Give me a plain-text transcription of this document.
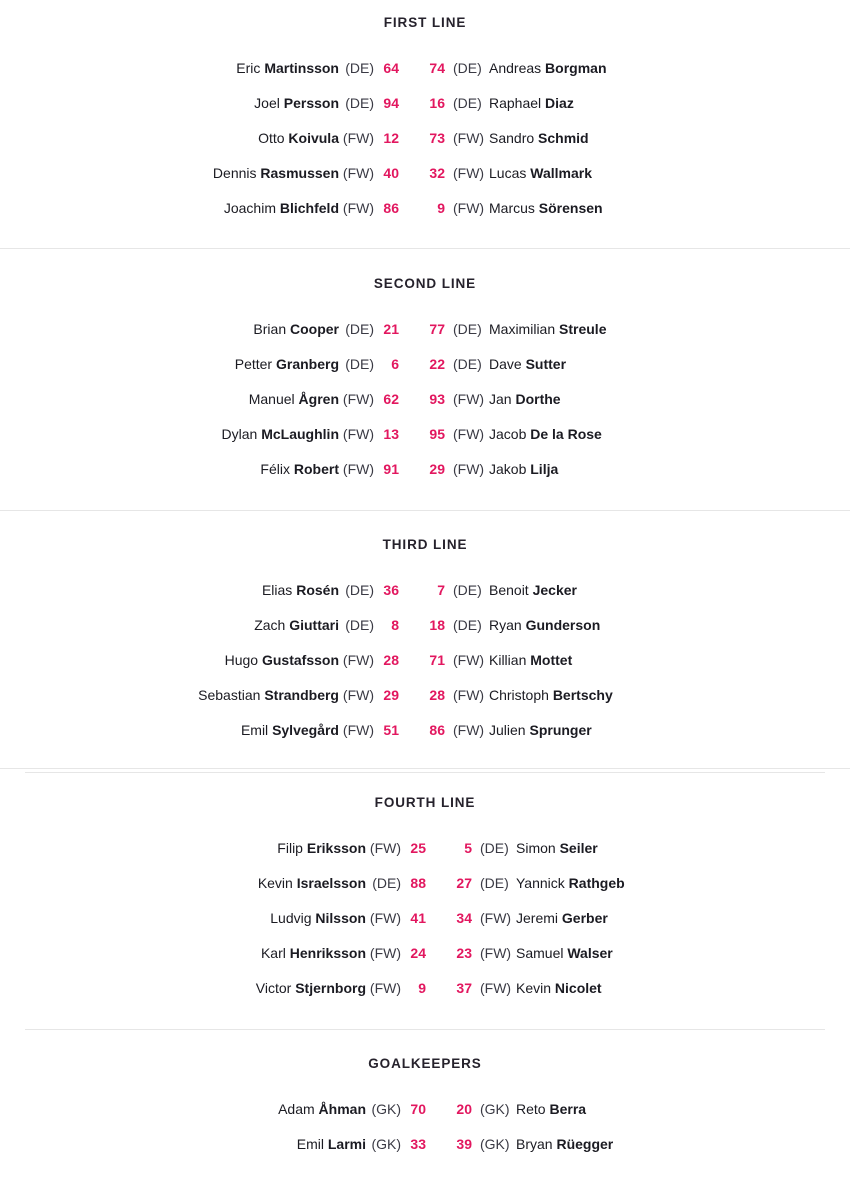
FIRST LINE
SECOND LINE
THIRD LINE
FOURTH LINE
GOALKEEPERS
Eric Martinsson (DE) 64 74 (DE) Andreas Borgman
Joel Persson (DE) 94 16 (DE) Raphael Diaz
Otto Koivula (FW) 12 73 (FW) Sandro Schmid
Dennis Rasmussen (FW) 40 32 (FW) Lucas Wallmark
Joachim Blichfeld (FW) 86	9 (FW) Marcus Sörensen
Brian Cooper (DE) 21 77 (DE) Maximilian Streule
Petter Granberg (DE) 6 22 (DE) Dave Sutter
Manuel Ågren (FW) 62 93 (FW) Jan Dorthe
Dylan McLaughlin (FW) 13 95 (FW) Jacob De la Rose
Félix Robert (FW) 91 29 (FW) Jakob Lilja
Elias Rosén (DE) 36	7 (DE) Benoit Jecker
Zach Giuttari (DE) 8 18 (DE) Ryan Gunderson
Hugo Gustafsson (FW) 28 71 (FW) Killian Mottet
Sebastian Strandberg (FW) 29 28 (FW) Christoph Bertschy
Emil Sylvegård (FW) 51 86 (FW) Julien Sprunger
Filip Eriksson (FW) 25	5 (DE) Simon Seiler
Kevin Israelsson (DE) 88 27 (DE) Yannick Rathgeb
Ludvig Nilsson (FW) 41 34 (FW) Jeremi Gerber
Karl Henriksson (FW) 24 23 (FW) Samuel Walser
Victor Stjernborg (FW) 9 37 (FW) Kevin Nicolet
Adam Åhman (GK) 70 20 (GK) Reto Berra
Emil Larmi (GK) 33 39 (GK) Bryan Rüegger
